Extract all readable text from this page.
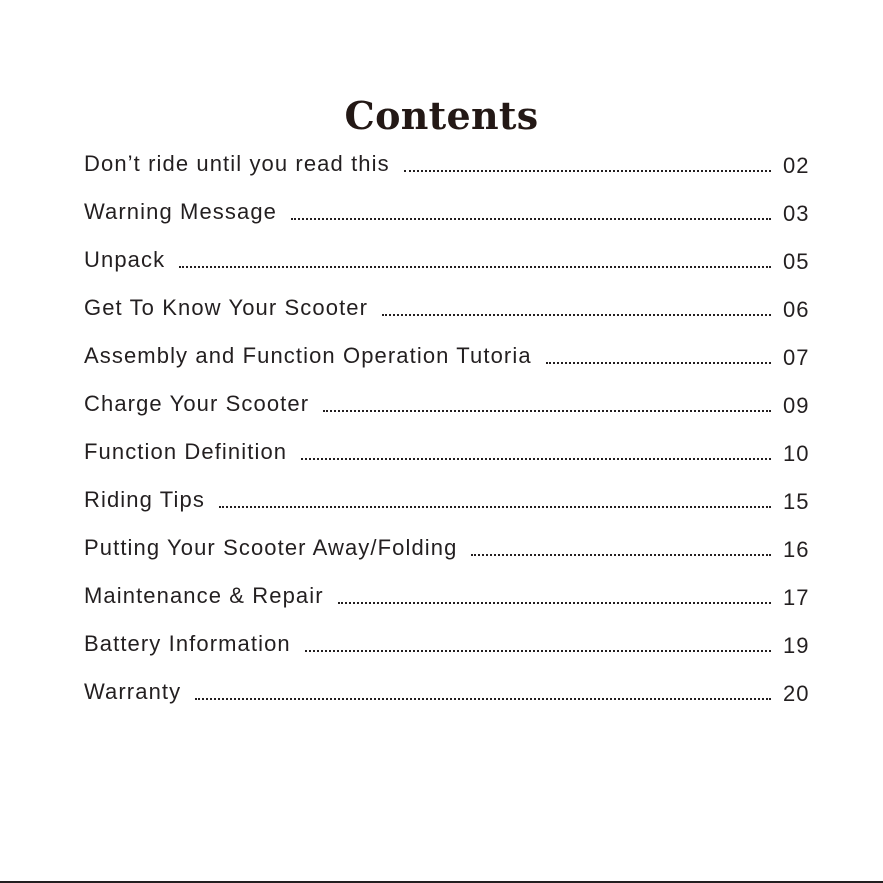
Contents
Don’t ride until you read this	02
Warning Message	03
Unpack	05
Get To Know Your Scooter	06
Assembly and Function Operation Tutoria	07
Charge Your Scooter	09
Function Definition	10
Riding Tips	15
Putting Your Scooter Away/Folding	16
Maintenance & Repair	17
Battery Information	19
Warranty	20
